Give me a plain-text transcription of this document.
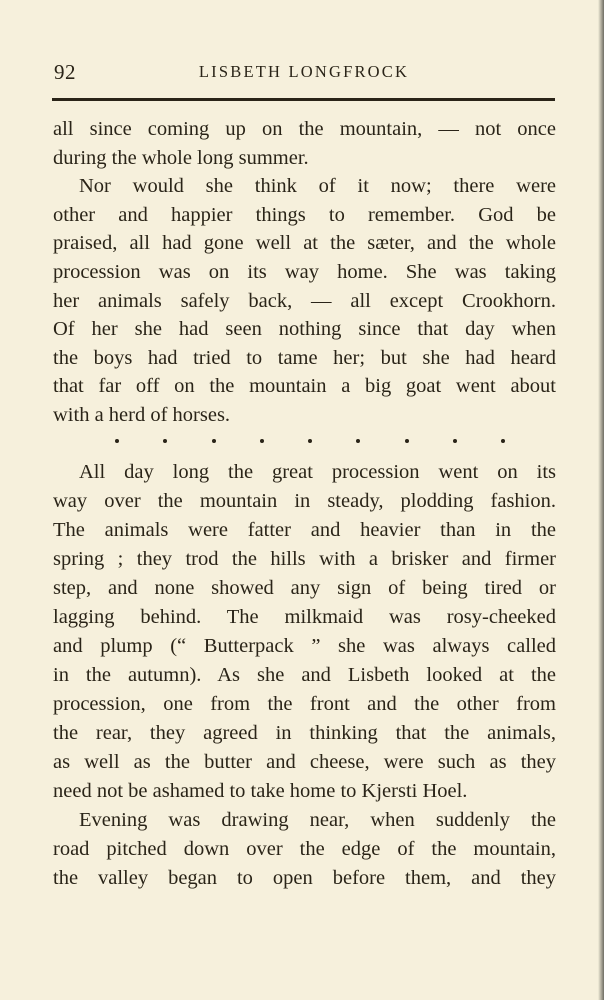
92	LISBETH LONGFROCK
all since coming up on the mountain, — not once
during the whole long summer.
Nor would she think of it now; there were
other and happier things to remember. God be
praised, all had gone well at the sæter, and the whole
procession was on its way home. She was taking
her animals safely back, — all except Crookhorn.
Of her she had seen nothing since that day when
the boys had tried to tame her; but she had heard
that far off on the mountain a big goat went about
with a herd of horses.
All day long the great procession went on its
way over the mountain in steady, plodding fashion.
The animals were fatter and heavier than in the
spring ; they trod the hills with a brisker and firmer
step, and none showed any sign of being tired or
lagging behind. The milkmaid was rosy-cheeked
and plump (“ Butterpack ” she was always called
in the autumn). As she and Lisbeth looked at the
procession, one from the front and the other from
the rear, they agreed in thinking that the animals,
as well as the butter and cheese, were such as they
need not be ashamed to take home to Kjersti Hoel.
Evening was drawing near, when suddenly the
road pitched down over the edge of the mountain,
the valley began to open before them, and they
